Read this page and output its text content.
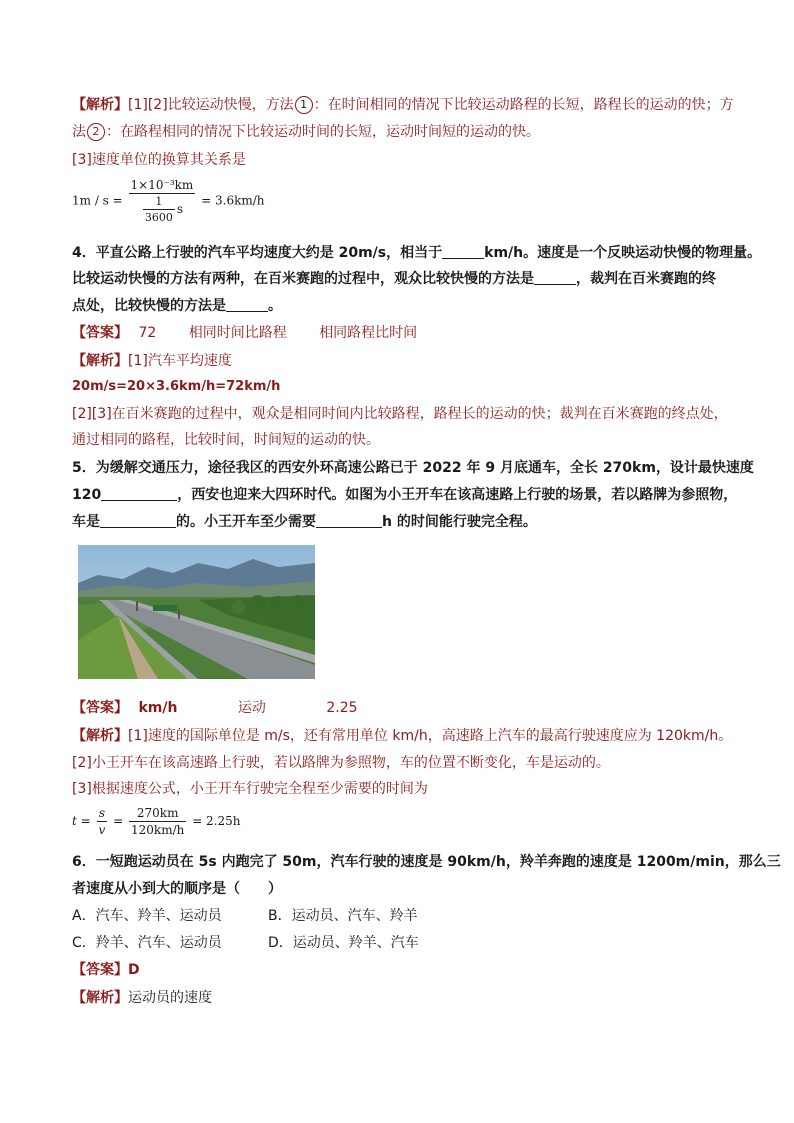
【解析】[1][2]比较运动快慢，方法 1 ：在时间相同的情况下比较运动路程的长短，路程长的运动的快；方
法 2 ：在路程相同的情况下比较运动时间的长短，运动时间短的运动的快。
[3]速度单位的换算其关系是
$1m / s = \frac{\text{1×10⁻³km}}{\frac{1}{3600} s} = 3.6km/h$
4．平直公路上行驶的汽车平均速度大约是 20m/s，相当于	km/h。速度是一个反映运动快慢的物理量。
比较运动快慢的方法有两种，在百米赛跑的过程中，观众比较快慢的方法是	，裁判在百米赛跑的终
点处，比较快慢的方法是	。
【答案】 72 相同时间比路程 相同路程比时间
【解析】[1]汽车平均速度
20m/s=20×3.6km/h=72km/h
[2][3]在百米赛跑的过程中，观众是相同时间内比较路程，路程长的运动的快；裁判在百米赛跑的终点处，
通过相同的路程，比较时间，时间短的运动的快。
5．为缓解交通压力，途径我区的西安外环高速公路已于 2022 年 9 月底通车，全长 270km，设计最快速度
120	，西安也迎来大四环时代。如图为小王开车在该高速路上行驶的场景，若以路牌为参照物，
车是	的。小王开车至少需要	h 的时间能行驶完全程。
【答案】 km/h	运动	2.25
【解析】[1]速度的国际单位是 m/s，还有常用单位 km/h，高速路上汽车的最高行驶速度应为 120km/h。
[2]小王开车在该高速路上行驶，若以路牌为参照物，车的位置不断变化，车是运动的。
[3]根据速度公式，小王开车行驶完全程至少需要的时间为
$t = \frac{s}{v} = \frac{270km}{120km/h} = 2.25h$
6．一短跑运动员在 5s 内跑完了 50m，汽车行驶的速度是 90km/h，羚羊奔跑的速度是 1200m/min，那么三
者速度从小到大的顺序是（　　）
A．汽车、羚羊、运动员	B．运动员、汽车、羚羊
C．羚羊、汽车、运动员	D．运动员、羚羊、汽车
【答案】D
【解析】运动员的速度
